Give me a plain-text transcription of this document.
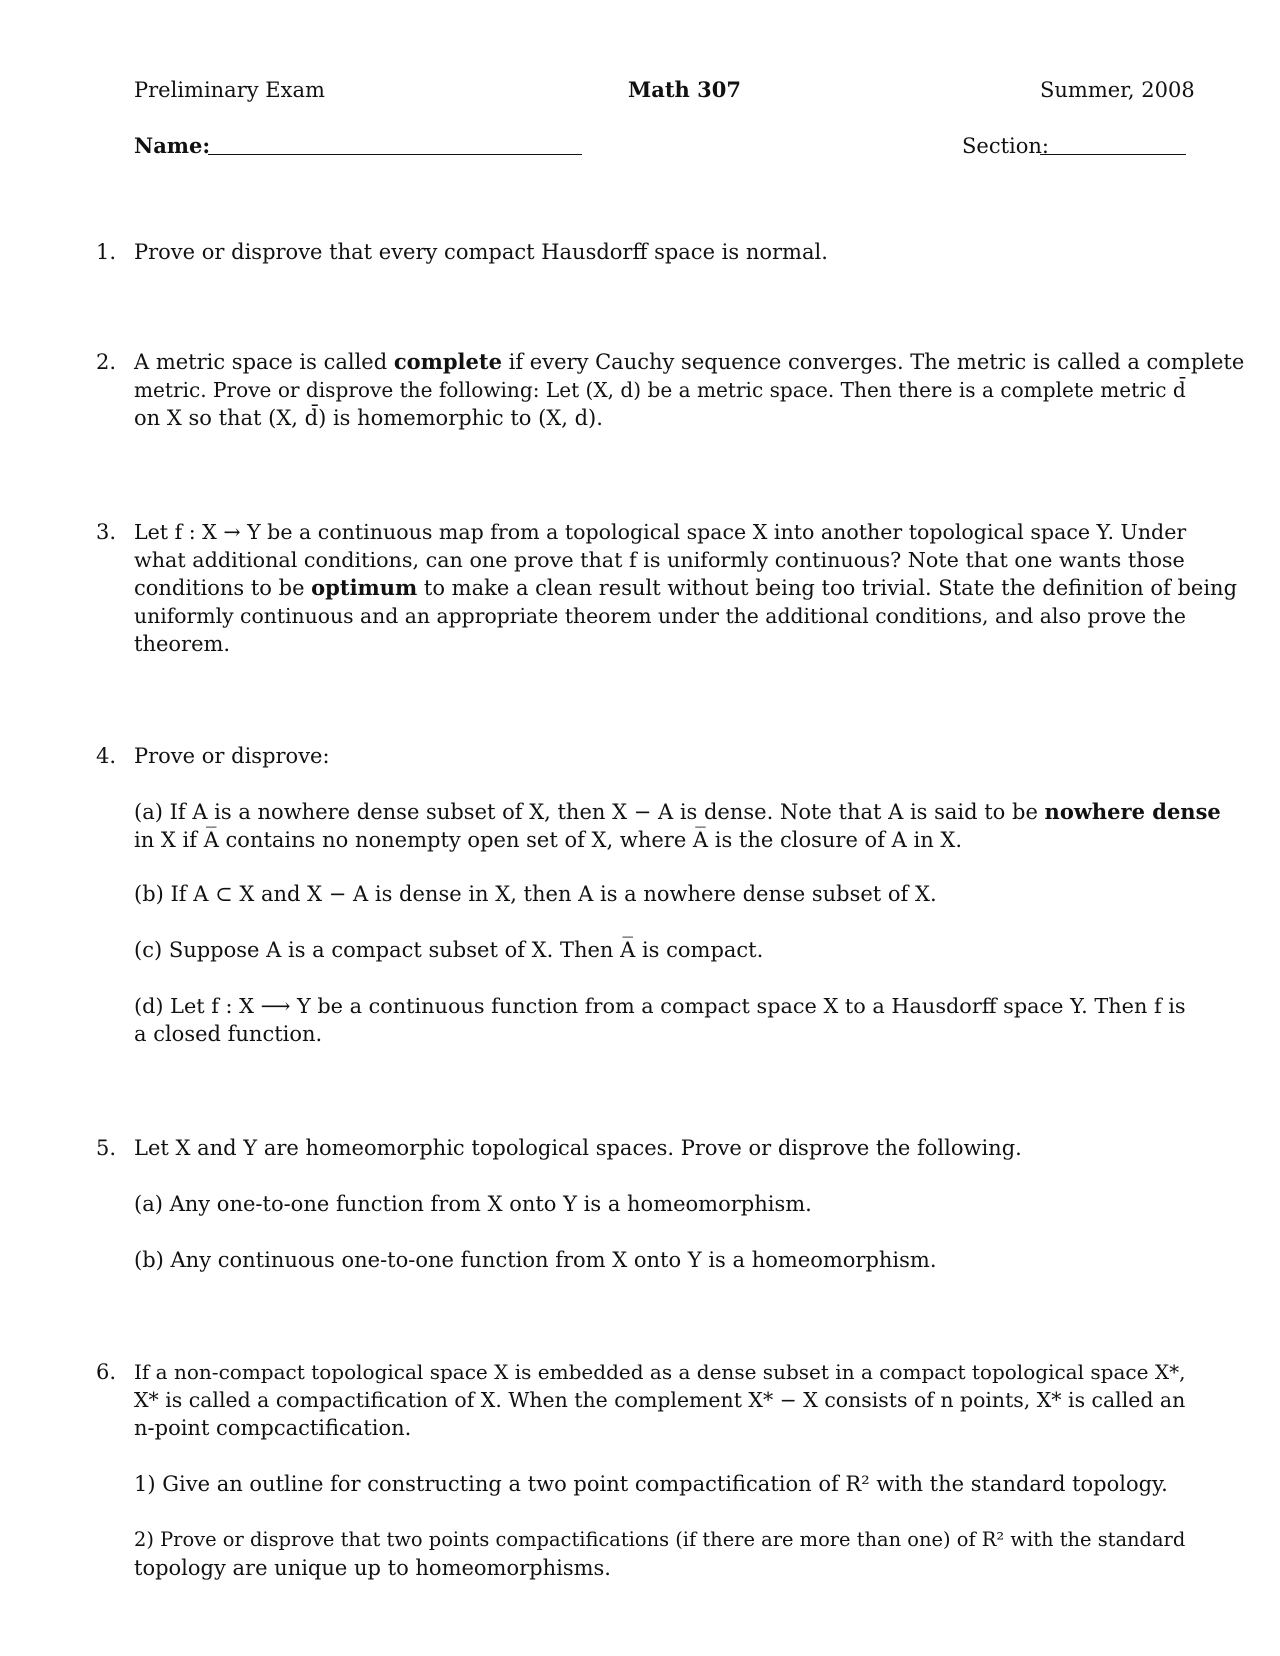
Preliminary Exam	Math 307	Summer, 2008
Name:	Section:
1. Prove or disprove that every compact Hausdorff space is normal.
2. A metric space is called complete if every Cauchy sequence converges. The metric is called a complete
metric. Prove or disprove the following: Let (X, d) be a metric space. Then there is a complete metric d̄
on X so that (X, d̄) is homemorphic to (X, d).
3. Let f : X → Y be a continuous map from a topological space X into another topological space Y. Under
what additional conditions, can one prove that f is uniformly continuous? Note that one wants those
conditions to be optimum to make a clean result without being too trivial. State the definition of being
uniformly continuous and an appropriate theorem under the additional conditions, and also prove the
theorem.
4. Prove or disprove:
(a) If A is a nowhere dense subset of X, then X − A is dense. Note that A is said to be nowhere dense
in X if A̅ contains no nonempty open set of X, where A̅ is the closure of A in X.
(b) If A ⊂ X and X − A is dense in X, then A is a nowhere dense subset of X.
(c) Suppose A is a compact subset of X. Then A̅ is compact.
(d) Let f : X ⟶ Y be a continuous function from a compact space X to a Hausdorff space Y. Then f is
a closed function.
5. Let X and Y are homeomorphic topological spaces. Prove or disprove the following.
(a) Any one-to-one function from X onto Y is a homeomorphism.
(b) Any continuous one-to-one function from X onto Y is a homeomorphism.
6. If a non-compact topological space X is embedded as a dense subset in a compact topological space X*,
X* is called a compactification of X. When the complement X* − X consists of n points, X* is called an
n-point compcactification.
1) Give an outline for constructing a two point compactification of R² with the standard topology.
2) Prove or disprove that two points compactifications (if there are more than one) of R² with the standard
topology are unique up to homeomorphisms.
